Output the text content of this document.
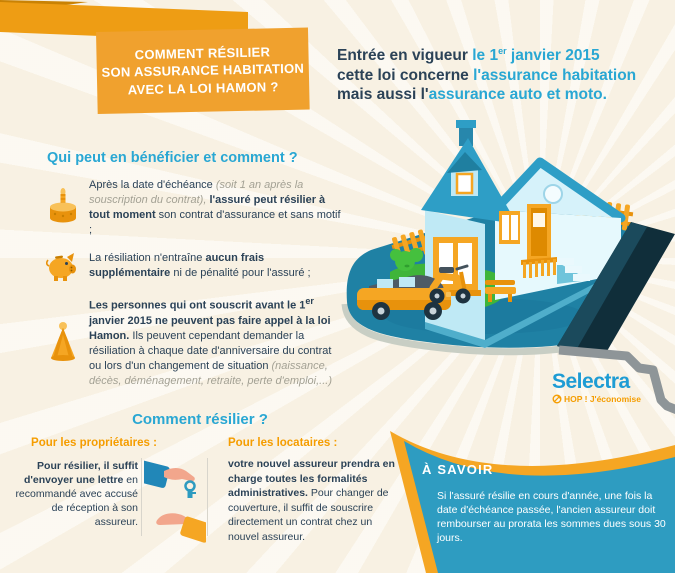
COMMENT RÉSILIER
SON ASSURANCE HABITATION
AVEC LA LOI HAMON ?
Entrée en vigueur le 1er janvier 2015
cette loi concerne l'assurance habitation
mais aussi l'assurance auto et moto.
Qui peut en bénéficier et comment ?

Après la date d'échéance (soit 1 an après la souscription du contrat), l'assuré peut résilier à tout moment son contrat d'assurance et sans motif ;

La résiliation n'entraîne aucun frais supplémentaire ni de pénalité pour l'assuré ;

Les personnes qui ont souscrit avant le 1er janvier 2015 ne peuvent pas faire appel à la loi Hamon. Ils peuvent cependant demander la résiliation à chaque date d'anniversaire du contrat ou lors d'un changement de situation (naissance, décès, déménagement, retraite, perte d'emploi,...)

Comment résilier ?
Pour les propriétaires :

Pour résilier, il suffit d'envoyer une lettre en recommandé avec accusé de réception à son assureur.

Pour les locataires :

votre nouvel assureur prendra en charge toutes les formalités administratives. Pour changer de couverture, il suffit de souscrire directement un contrat chez un nouvel assureur.

Selectra
HOP ! J'économise
À SAVOIR

Si l'assuré résilie en cours d'année, une fois la date d'échéance passée, l'ancien assureur doit rembourser au prorata les sommes dues sous 30 jours.
